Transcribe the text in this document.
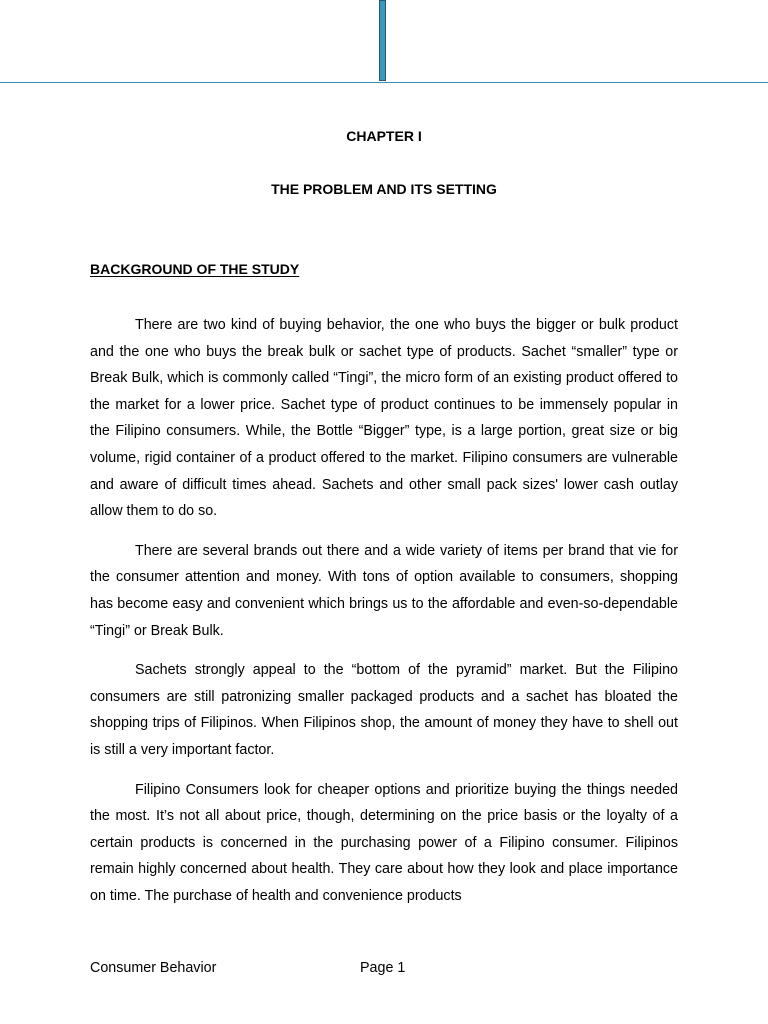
CHAPTER I
THE PROBLEM AND ITS SETTING
BACKGROUND OF THE STUDY

There are two kind of buying behavior, the one who buys the bigger or bulk product and the one who buys the break bulk or sachet type of products. Sachet “smaller” type or Break Bulk, which is commonly called “Tingi”, the micro form of an existing product offered to the market for a lower price. Sachet type of product continues to be immensely popular in the Filipino consumers. While, the Bottle “Bigger” type, is a large portion, great size or big volume, rigid container of a product offered to the market. Filipino consumers are vulnerable and aware of difficult times ahead. Sachets and other small pack sizes' lower cash outlay allow them to do so.

There are several brands out there and a wide variety of items per brand that vie for the consumer attention and money. With tons of option available to consumers, shopping has become easy and convenient which brings us to the affordable and even-so-dependable “Tingi” or Break Bulk.

Sachets strongly appeal to the “bottom of the pyramid” market. But the Filipino consumers are still patronizing smaller packaged products and a sachet has bloated the shopping trips of Filipinos. When Filipinos shop, the amount of money they have to shell out is still a very important factor.

Filipino Consumers look for cheaper options and prioritize buying the things needed the most. It’s not all about price, though, determining on the price basis or the loyalty of a certain products is concerned in the purchasing power of a Filipino consumer. Filipinos remain highly concerned about health. They care about how they look and place importance on time. The purchase of health and convenience products

Consumer Behavior	Page 1
